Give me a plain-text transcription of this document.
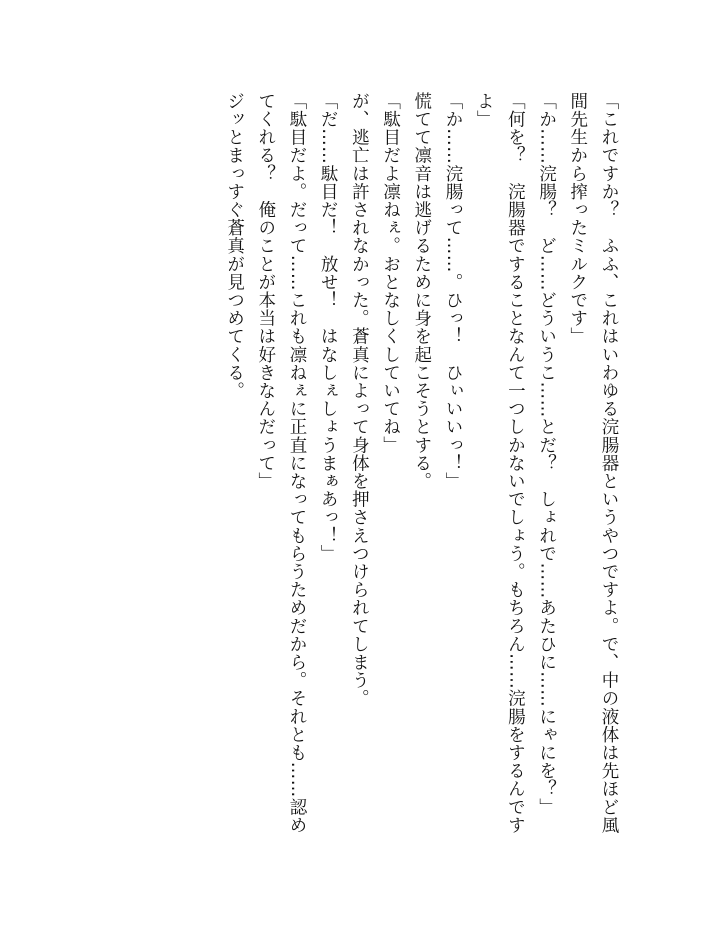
「これですか？　ふふ、これはいわゆる浣腸器というやつですよ。で、中の液体は先ほど風間先生から搾ったミルクです」

「か……浣腸？　ど……どういうこ……とだ？　しょれで……あたひに……にゃにを？」

「何を？　浣腸器ですることなんて一つしかないでしょう。もちろん……浣腸をするんですよ」

「か……浣腸って……。ひっ！　ひぃいいっ！」

慌てて凛音は逃げるために身を起こそうとする。

「駄目だよ凛ねぇ。おとなしくしていてね」

が、逃亡は許されなかった。蒼真によって身体を押さえつけられてしまう。

「だ……駄目だ！　放せ！　はなしぇしょうまぁあっ！」

「駄目だよ。だって……これも凛ねぇに正直になってもらうためだから。それとも……認めてくれる？　俺のことが本当は好きなんだって」

ジッとまっすぐ蒼真が見つめてくる。
